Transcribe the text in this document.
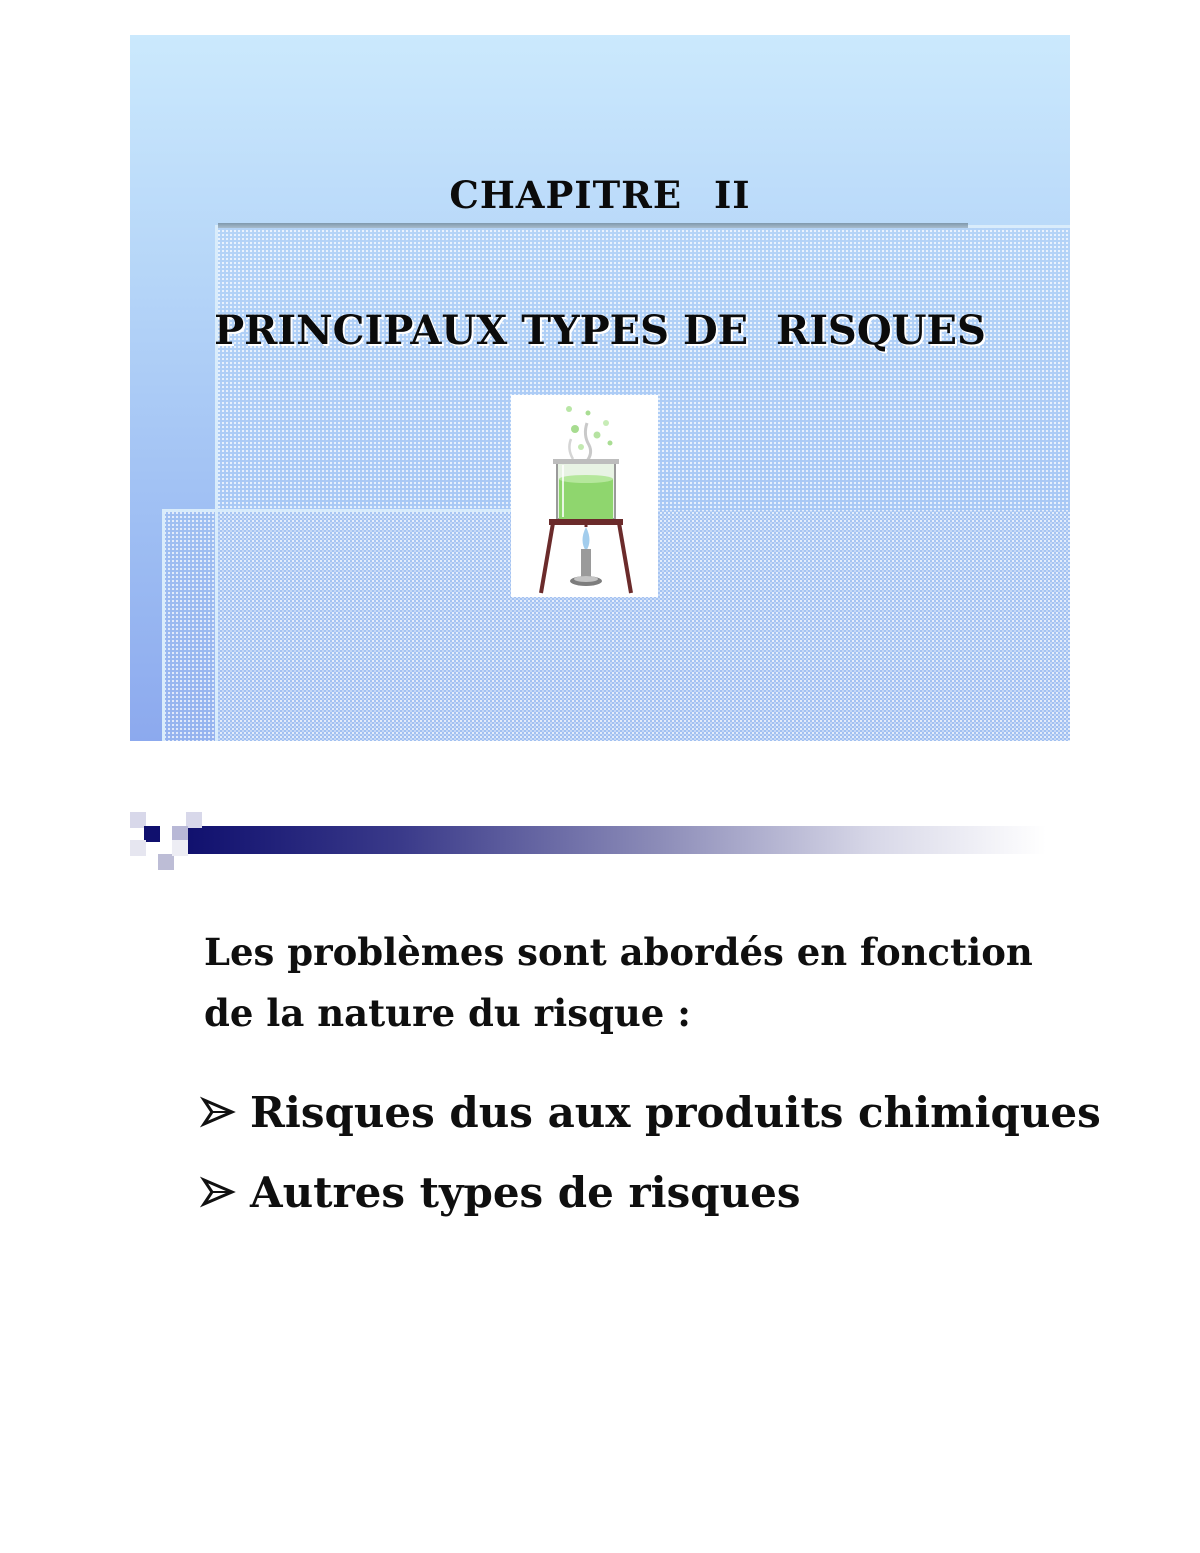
CHAPITRE II
PRINCIPAUX TYPES DE  RISQUES
Les problèmes sont abordés en fonction
de la nature du risque :
Risques dus aux produits chimiques
Autres types de risques
